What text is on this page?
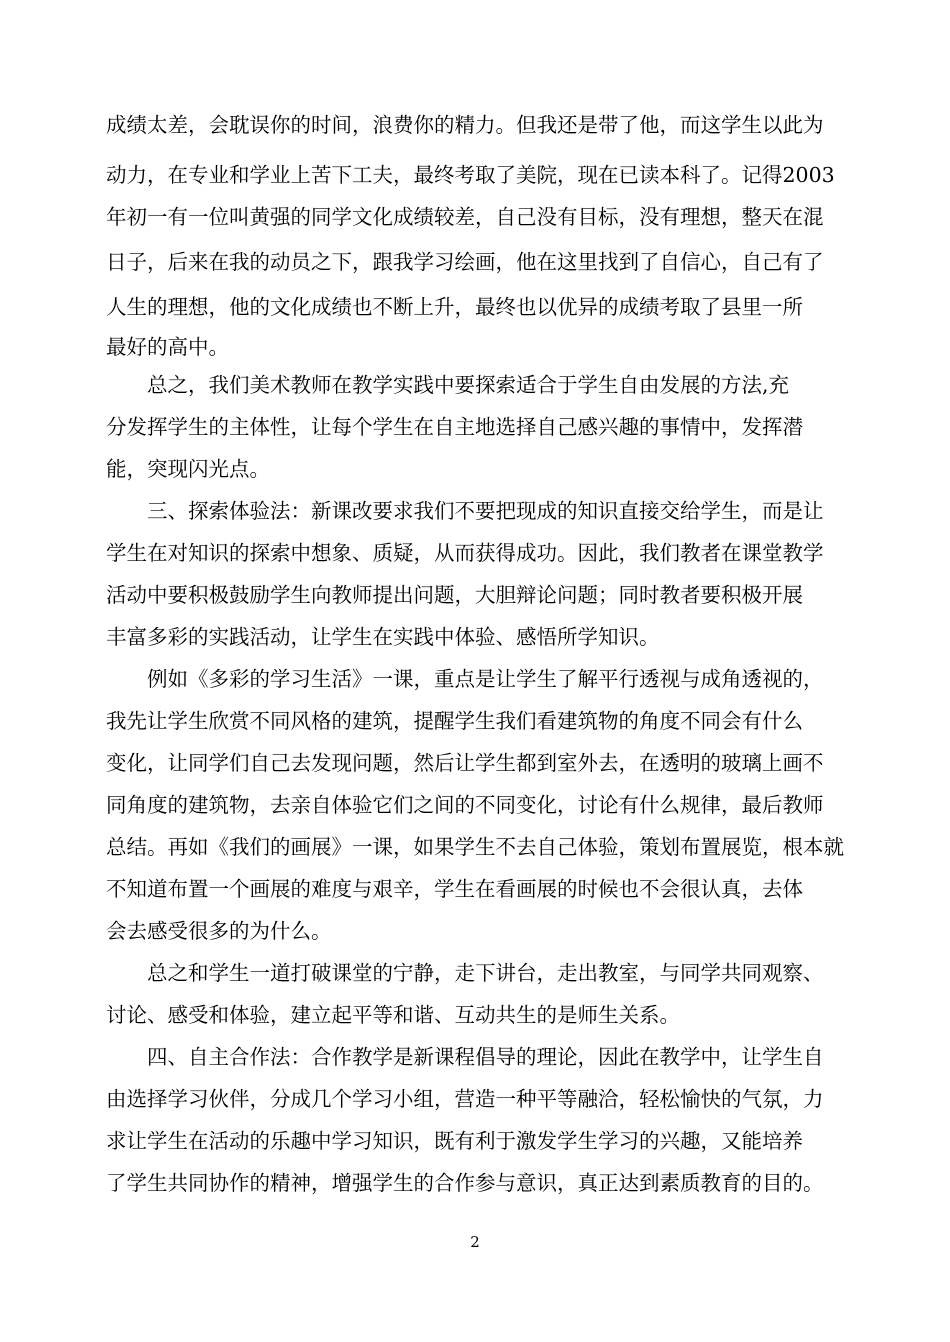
成绩太差，会耽误你的时间，浪费你的精力。但我还是带了他，而这学生以此为
动力，在专业和学业上苦下工夫，最终考取了美院，现在已读本科了。记得2003
年初一有一位叫黄强的同学文化成绩较差，自己没有目标，没有理想，整天在混
日子，后来在我的动员之下，跟我学习绘画，他在这里找到了自信心，自己有了
人生的理想，他的文化成绩也不断上升，最终也以优异的成绩考取了县里一所
最好的高中。
总之，我们美术教师在教学实践中要探索适合于学生自由发展的方法,充
分发挥学生的主体性，让每个学生在自主地选择自己感兴趣的事情中，发挥潜
能，突现闪光点。
三、探索体验法：新课改要求我们不要把现成的知识直接交给学生，而是让
学生在对知识的探索中想象、质疑，从而获得成功。因此，我们教者在课堂教学
活动中要积极鼓励学生向教师提出问题，大胆辩论问题；同时教者要积极开展
丰富多彩的实践活动，让学生在实践中体验、感悟所学知识。
例如《多彩的学习生活》一课，重点是让学生了解平行透视与成角透视的，
我先让学生欣赏不同风格的建筑，提醒学生我们看建筑物的角度不同会有什么
变化，让同学们自己去发现问题，然后让学生都到室外去，在透明的玻璃上画不
同角度的建筑物，去亲自体验它们之间的不同变化，讨论有什么规律，最后教师
总结。再如《我们的画展》一课，如果学生不去自己体验，策划布置展览，根本就
不知道布置一个画展的难度与艰辛，学生在看画展的时候也不会很认真，去体
会去感受很多的为什么。
总之和学生一道打破课堂的宁静，走下讲台，走出教室，与同学共同观察、
讨论、感受和体验，建立起平等和谐、互动共生的是师生关系。
四、自主合作法：合作教学是新课程倡导的理论，因此在教学中，让学生自
由选择学习伙伴，分成几个学习小组，营造一种平等融洽，轻松愉快的气氛，力
求让学生在活动的乐趣中学习知识，既有利于激发学生学习的兴趣，又能培养
了学生共同协作的精神，增强学生的合作参与意识，真正达到素质教育的目的。
2
